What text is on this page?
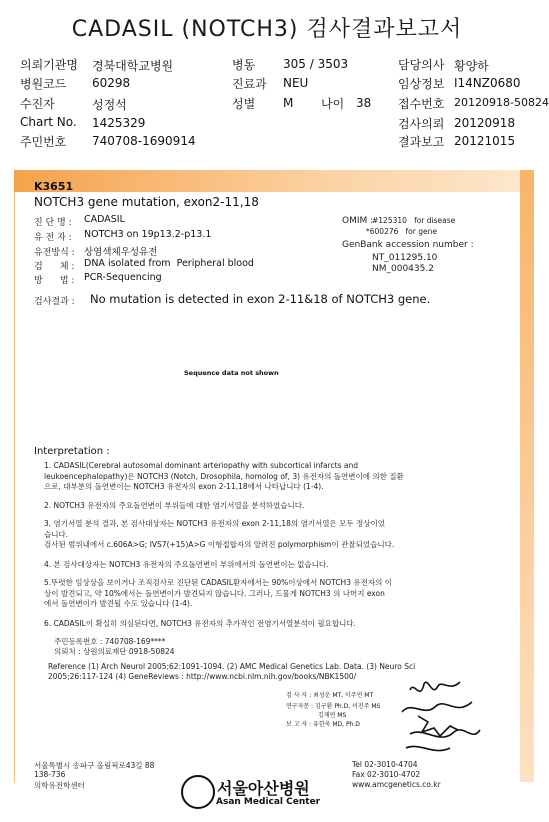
CADASIL (NOTCH3) 검사결과보고서
의뢰기관명 경북대학교병원	병동 305 / 3503	담당의사 황양하
병원코드 60298	진료과 NEU	임상정보 I14NZ0680
수진자	성정석	성별 M 나이 38 접수번호 20120918-50824
Chart No. 1425329	검사의뢰 20120918
주민번호 740708-1690914	결과보고 20121015
K3651
NOTCH3 gene mutation, exon2-11,18
진 단 명 : CADASIL
유 전 자 : NOTCH3 on 19p13.2-p13.1
유전방식 : 상염색체우성유전
검      체 : DNA isolated from  Peripheral blood
방      법 : PCR-Sequencing
OMIM :
#125310   for disease
*600276   for gene
GenBank accession number :
NT_011295.10
NM_000435.2
검사결과 : No mutation is detected in exon 2-11&18 of NOTCH3 gene.
Sequence data not shown
Interpretation :
1. CADASIL(Cerebral autosomal dominant arteriopathy with subcortical infarcts and
leukoencephalopathy)은 NOTCH3 (Notch, Drosophila, homolog of, 3) 유전자의 돌연변이에 의한 질환
으로, 대부분의 돌연변이는 NOTCH3 유전자의 exon 2-11,18에서 나타납니다 (1-4).
2. NOTCH3 유전자의 주요돌연변이 부위들에 대한 염기서열을 분석하였습니다.
3. 염기서열 분석 결과, 본 검사대상자는 NOTCH3 유전자의 exon 2-11,18의 염기서열은 모두 정상이었
습니다.
검사된 범위내에서 c.606A>G; IVS7(+15)A>G 이형접합자의 알려진 polymorphism이 관찰되었습니다.
4. 본 검사대상자는 NOTCH3 유전자의 주요돌연변이 부위에서의 돌연변이는 없습니다.
5.뚜렷한 임상상을 보이거나 조직검사로 진단된 CADASIL환자에서는 90%이상에서 NOTCH3 유전자의 이
상이 발견되고, 약 10%에서는 돌연변이가 발견되지 않습니다. 그러나, 드물게 NOTCH3 의 나머지 exon
에서 돌연변이가 발견될 수도 있습니다 (1-4).
6. CADASIL이 확실히 의심된다면, NOTCH3 유전자의 추가적인 전염기서열분석이 필요합니다.
주민등록번호 : 740708-169****
의뢰처 : 상원의료재단 0918-50824
Reference (1) Arch Neurol 2005;62:1091-1094. (2) AMC Medical Genetics Lab. Data. (3) Neuro Sci
2005;26:117-124 (4) GeneReviews : http://www.ncbi.nlm.nih.gov/books/NBK1500/
검 사 자 : 최성운 MT, 이주연 MT
연구자문 : 김구환 Ph.D, 이진주 MS
김재연 MS
보 고 자 : 유한욱 MD, Ph.D
서울특별시 송파구 올림픽로43길 88
138-736
의학유전학센터	서울아산병원
Asan Medical Center
Tel 02-3010-4704
Fax 02-3010-4702
www.amcgenetics.co.kr
